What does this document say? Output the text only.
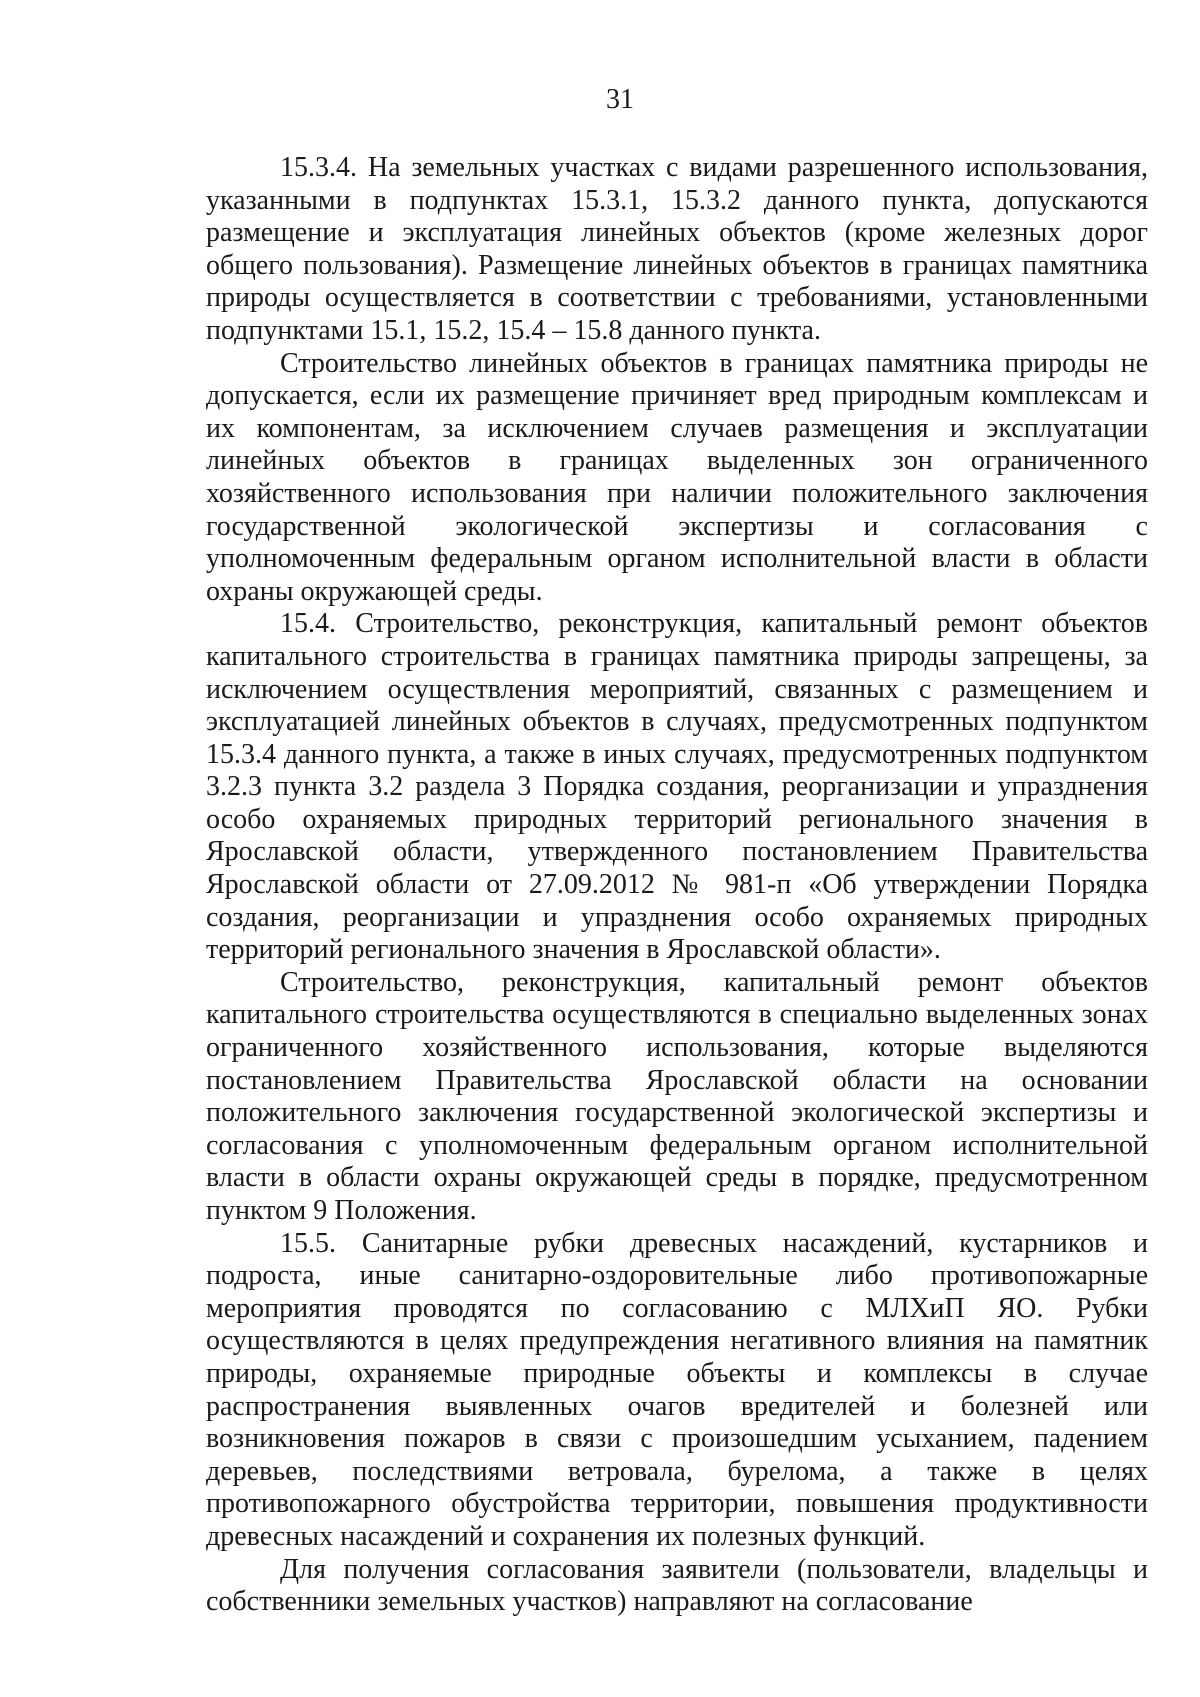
31

15.3.4. На земельных участках с видами разрешенного использования, указанными в подпунктах 15.3.1, 15.3.2 данного пункта, допускаются размещение и эксплуатация линейных объектов (кроме железных дорог общего пользования). Размещение линейных объектов в границах памятника природы осуществляется в соответствии с требованиями, установленными подпунктами 15.1, 15.2, 15.4 – 15.8 данного пункта.

Строительство линейных объектов в границах памятника природы не допускается, если их размещение причиняет вред природным комплексам и их компонентам, за исключением случаев размещения и эксплуатации линейных объектов в границах выделенных зон ограниченного хозяйственного использования при наличии положительного заключения государственной экологической экспертизы и согласования с уполномоченным федеральным органом исполнительной власти в области охраны окружающей среды.

15.4. Строительство, реконструкция, капитальный ремонт объектов капитального строительства в границах памятника природы запрещены, за исключением осуществления мероприятий, связанных с размещением и эксплуатацией линейных объектов в случаях, предусмотренных подпунктом 15.3.4 данного пункта, а также в иных случаях, предусмотренных подпунктом 3.2.3 пункта 3.2 раздела 3 Порядка создания, реорганизации и упразднения особо охраняемых природных территорий регионального значения в Ярославской области, утвержденного постановлением Правительства Ярославской области от 27.09.2012 № 981-п «Об утверждении Порядка создания, реорганизации и упразднения особо охраняемых природных территорий регионального значения в Ярославской области».

Строительство, реконструкция, капитальный ремонт объектов капитального строительства осуществляются в специально выделенных зонах ограниченного хозяйственного использования, которые выделяются постановлением Правительства Ярославской области на основании положительного заключения государственной экологической экспертизы и согласования с уполномоченным федеральным органом исполнительной власти в области охраны окружающей среды в порядке, предусмотренном пунктом 9 Положения.

15.5. Санитарные рубки древесных насаждений, кустарников и подроста, иные санитарно-оздоровительные либо противопожарные мероприятия проводятся по согласованию с МЛХиП ЯО. Рубки осуществляются в целях предупреждения негативного влияния на памятник природы, охраняемые природные объекты и комплексы в случае распространения выявленных очагов вредителей и болезней или возникновения пожаров в связи с произошедшим усыханием, падением деревьев, последствиями ветровала, бурелома, а также в целях противопожарного обустройства территории, повышения продуктивности древесных насаждений и сохранения их полезных функций.

Для получения согласования заявители (пользователи, владельцы и собственники земельных участков) направляют на согласование
